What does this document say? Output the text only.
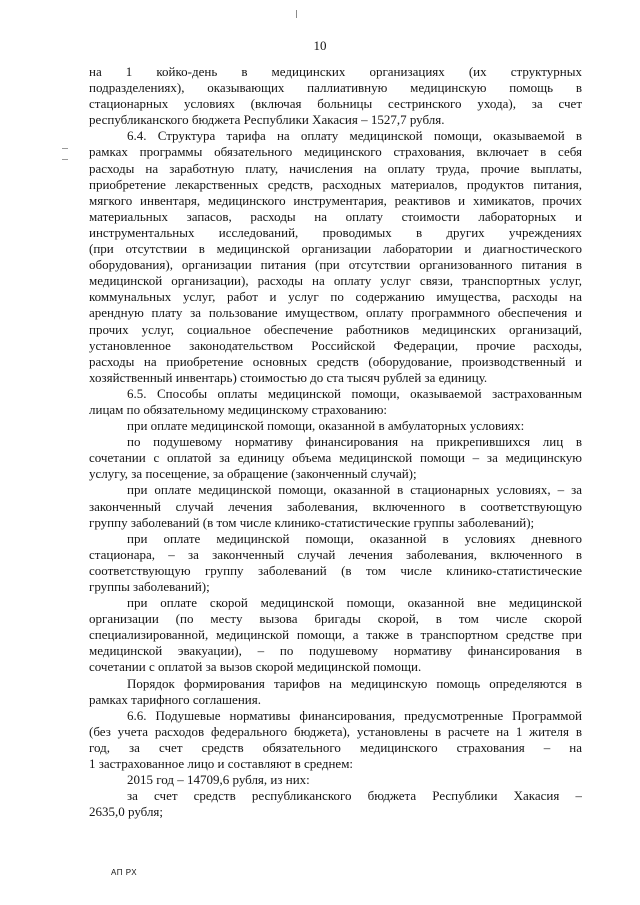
10
на 1 койко-день в медицинских организациях (их структурных
подразделениях), оказывающих паллиативную медицинскую помощь в
стационарных условиях (включая больницы сестринского ухода), за счет
республиканского бюджета Республики Хакасия – 1527,7 рубля.
6.4. Структура тарифа на оплату медицинской помощи, оказываемой в
рамках программы обязательного медицинского страхования, включает в себя
расходы на заработную плату, начисления на оплату труда, прочие выплаты,
приобретение лекарственных средств, расходных материалов, продуктов питания,
мягкого инвентаря, медицинского инструментария, реактивов и химикатов, прочих
материальных запасов, расходы на оплату стоимости лабораторных и
инструментальных исследований, проводимых в других учреждениях
(при отсутствии в медицинской организации лаборатории и диагностического
оборудования), организации питания (при отсутствии организованного питания в
медицинской организации), расходы на оплату услуг связи, транспортных услуг,
коммунальных услуг, работ и услуг по содержанию имущества, расходы на
арендную плату за пользование имуществом, оплату программного обеспечения и
прочих услуг, социальное обеспечение работников медицинских организаций,
установленное законодательством Российской Федерации, прочие расходы,
расходы на приобретение основных средств (оборудование, производственный и
хозяйственный инвентарь) стоимостью до ста тысяч рублей за единицу.
6.5. Способы оплаты медицинской помощи, оказываемой застрахованным
лицам по обязательному медицинскому страхованию:
при оплате медицинской помощи, оказанной в амбулаторных условиях:
по подушевому нормативу финансирования на прикрепившихся лиц в
сочетании с оплатой за единицу объема медицинской помощи – за медицинскую
услугу, за посещение, за обращение (законченный случай);
при оплате медицинской помощи, оказанной в стационарных условиях, – за
законченный случай лечения заболевания, включенного в соответствующую
группу заболеваний (в том числе клинико-статистические группы заболеваний);
при оплате медицинской помощи, оказанной в условиях дневного
стационара, – за законченный случай лечения заболевания, включенного в
соответствующую группу заболеваний (в том числе клинико-статистические
группы заболеваний);
при оплате скорой медицинской помощи, оказанной вне медицинской
организации (по месту вызова бригады скорой, в том числе скорой
специализированной, медицинской помощи, а также в транспортном средстве при
медицинской эвакуации), – по подушевому нормативу финансирования в
сочетании с оплатой за вызов скорой медицинской помощи.
Порядок формирования тарифов на медицинскую помощь определяются в
рамках тарифного соглашения.
6.6. Подушевые нормативы финансирования, предусмотренные Программой
(без учета расходов федерального бюджета), установлены в расчете на 1 жителя в
год, за счет средств обязательного медицинского страхования – на
1 застрахованное лицо и составляют в среднем:
2015 год – 14709,6 рубля, из них:
за счет средств республиканского бюджета Республики Хакасия –
2635,0 рубля;
АП РХ
